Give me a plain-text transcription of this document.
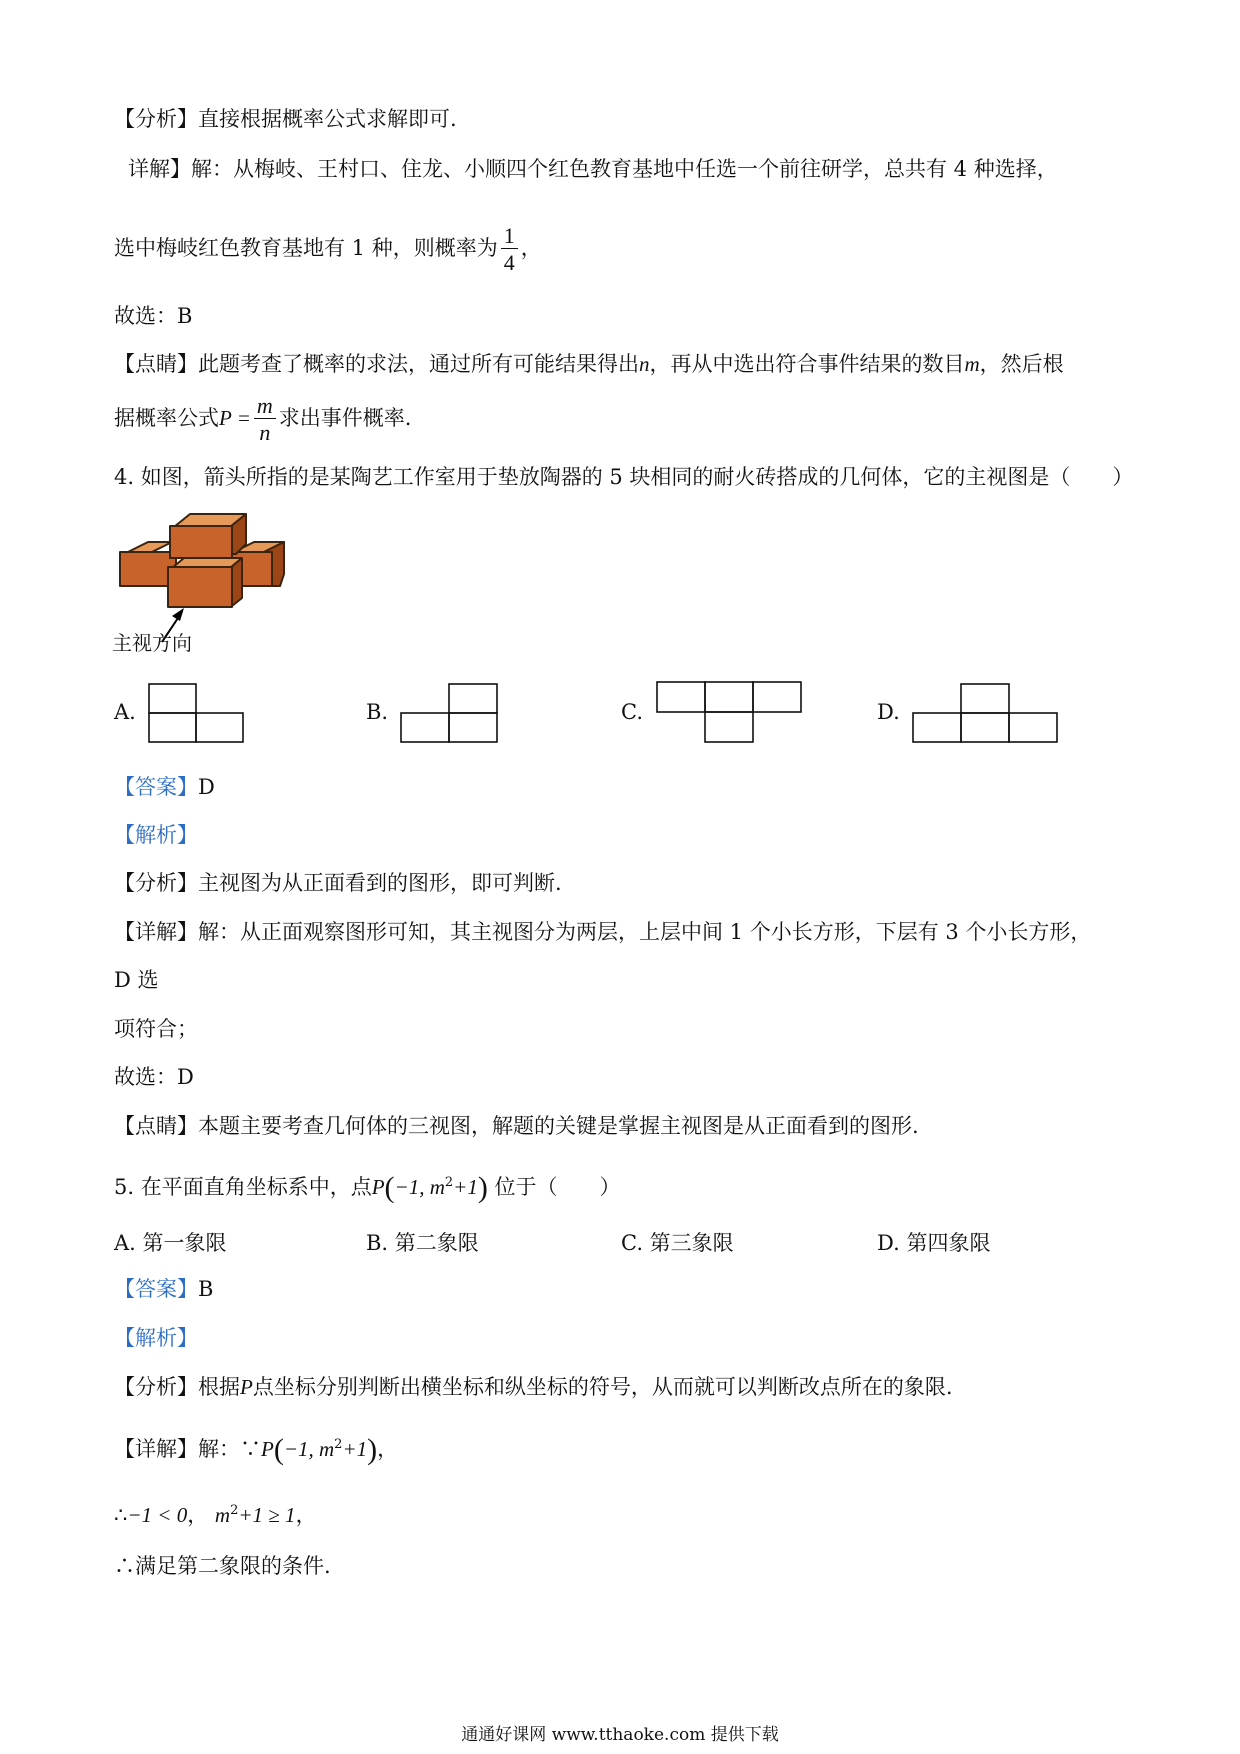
【分析】直接根据概率公式求解即可.
详解】解：从梅岐、王村口、住龙、小顺四个红色教育基地中任选一个前往研学，总共有 4 种选择，
选中梅岐红色教育基地有 1 种，则概率为 $\frac{1}{4}$ ，
故选：B
【点睛】此题考查了概率的求法，通过所有可能结果得出n，再从中选出符合事件结果的数目m，然后根
据概率公式$P = \frac{m}{n}$ 求出事件概率.
4. 如图，箭头所指的是某陶艺工作室用于垫放陶器的 5 块相同的耐火砖搭成的几何体，它的主视图是（　　）
主视方向
A.	B.	C.	D.
【答案】D
【解析】
【分析】主视图为从正面看到的图形，即可判断.
【详解】解：从正面观察图形可知，其主视图分为两层，上层中间 1 个小长方形，下层有 3 个小长方形，
D 选
项符合；
故选：D
【点睛】本题主要考查几何体的三视图，解题的关键是掌握主视图是从正面看到的图形.
5. 在平面直角坐标系中，点P(−1, $m^2+1$) 位于（　　）
A. 第一象限	B. 第二象限	C. 第三象限	D. 第四象限
【答案】B
【解析】
【分析】根据P点坐标分别判断出横坐标和纵坐标的符号，从而就可以判断改点所在的象限.
【详解】解：∵P(−1, $m^2+1$)，
∴−1 < 0， $m^2+1 \ge 1$，
∴满足第二象限的条件.
通通好课网 www.tthaoke.com 提供下载
